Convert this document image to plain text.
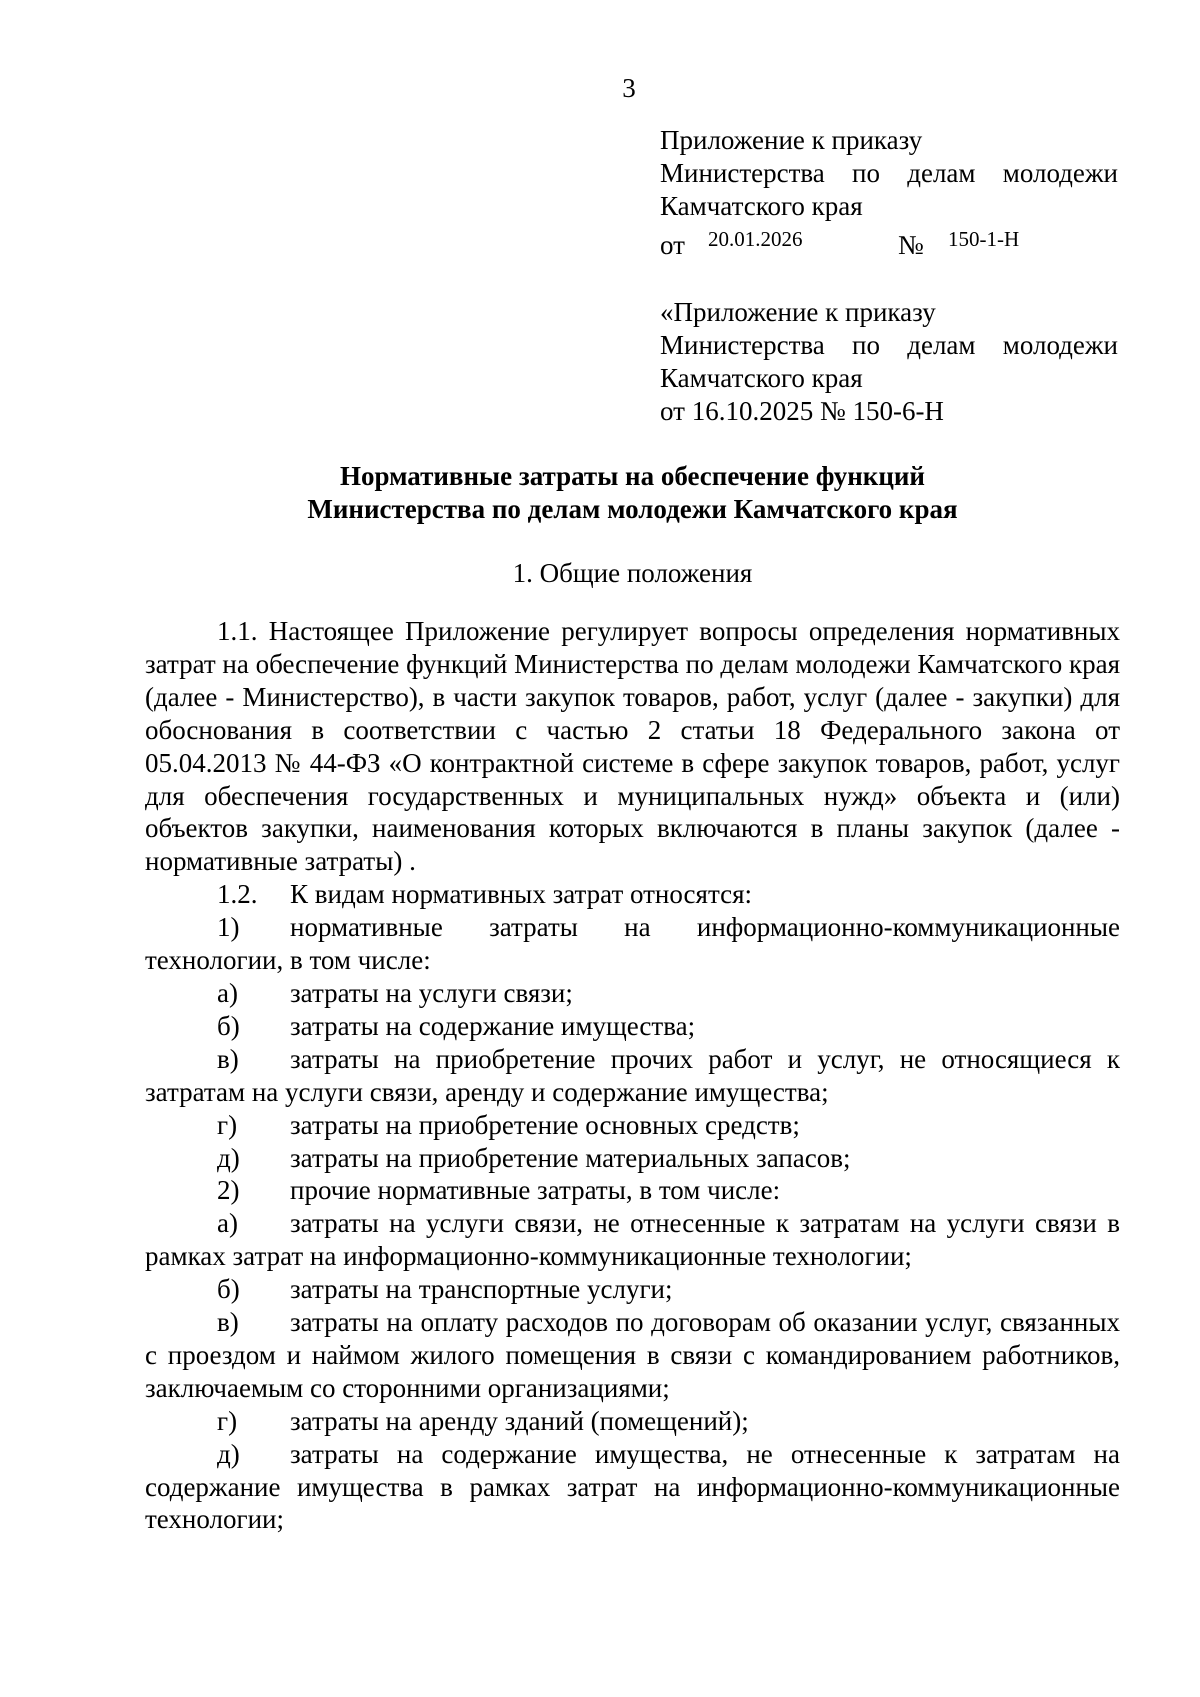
3
Приложение к приказу
Министерства по делам молодежи
Камчатского края
от 20.01.2026	№ 150-1-Н
«Приложение к приказу
Министерства по делам молодежи
Камчатского края
от 16.10.2025 № 150-6-Н
Нормативные затраты на обеспечение функций
Министерства по делам молодежи Камчатского края
1. Общие положения

1.1. Настоящее Приложение регулирует вопросы определения нормативных затрат на обеспечение функций Министерства по делам молодежи Камчатского края (далее - Министерство), в части закупок товаров, работ, услуг (далее - закупки) для обоснования в соответствии с частью 2 статьи 18 Федерального закона от 05.04.2013 № 44-ФЗ «О контрактной системе в сфере закупок товаров, работ, услуг для обеспечения государственных и муниципальных нужд» объекта и (или) объектов закупки, наименования которых включаются в планы закупок (далее - нормативные затраты) .

1.2. К видам нормативных затрат относятся:

1) нормативные затраты на информационно-коммуникационные технологии, в том числе:

а) затраты на услуги связи;

б) затраты на содержание имущества;

в) затраты на приобретение прочих работ и услуг, не относящиеся к затратам на услуги связи, аренду и содержание имущества;

г) затраты на приобретение основных средств;

д) затраты на приобретение материальных запасов;

2) прочие нормативные затраты, в том числе:

а) затраты на услуги связи, не отнесенные к затратам на услуги связи в рамках затрат на информационно-коммуникационные технологии;

б) затраты на транспортные услуги;

в) затраты на оплату расходов по договорам об оказании услуг, связанных с проездом и наймом жилого помещения в связи с командированием работников, заключаемым со сторонними организациями;

г) затраты на аренду зданий (помещений);

д) затраты на содержание имущества, не отнесенные к затратам на содержание имущества в рамках затрат на информационно-коммуникационные технологии;
